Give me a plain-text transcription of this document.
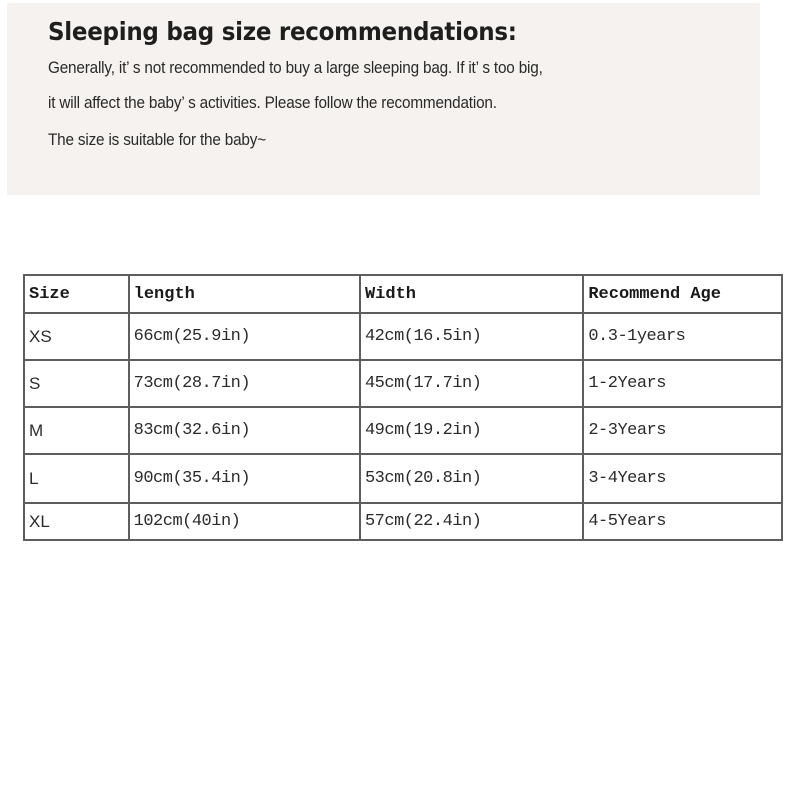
Sleeping bag size recommendations:
Generally, it’ s not recommended to buy a large sleeping bag. If it’ s too big,
it will affect the baby’ s activities. Please follow the recommendation.
The size is suitable for the baby~
Size	length	Width	Recommend Age
XS	66cm(25.9in)	42cm(16.5in)	0.3-1years
S	73cm(28.7in)	45cm(17.7in)	1-2Years
M	83cm(32.6in)	49cm(19.2in)	2-3Years
L	90cm(35.4in)	53cm(20.8in)	3-4Years
XL	102cm(40in)	57cm(22.4in)	4-5Years
